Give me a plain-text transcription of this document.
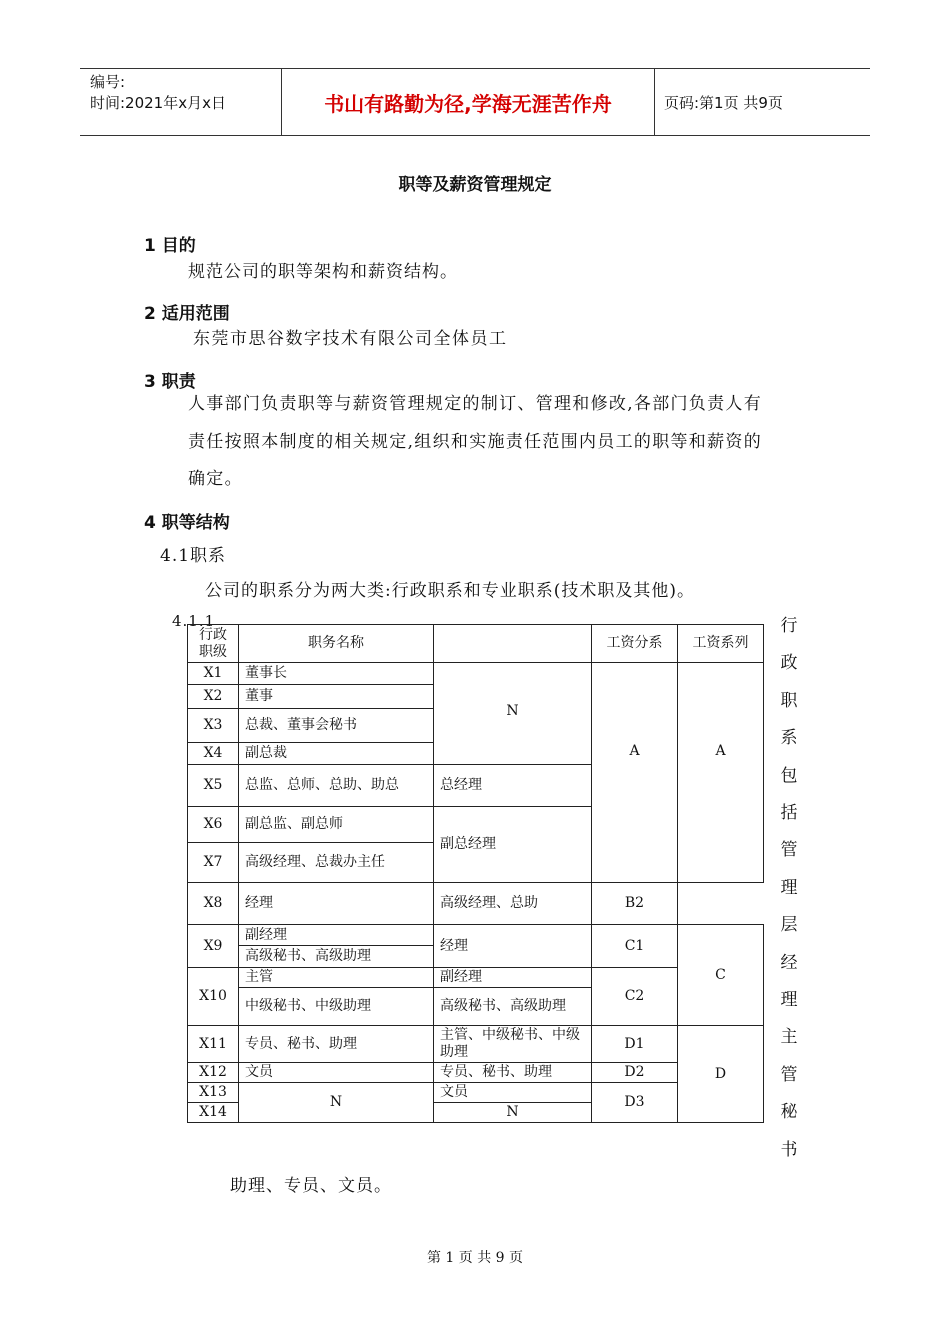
编号:
时间:2021年x月x日	书山有路勤为径,学海无涯苦作舟	页码:第1页 共9页
职等及薪资管理规定
1 目的
规范公司的职等架构和薪资结构。
2 适用范围
东莞市思谷数字技术有限公司全体员工
3 职责
人事部门负责职等与薪资管理规定的制订、管理和修改,各部门负责人有
责任按照本制度的相关规定,组织和实施责任范围内员工的职等和薪资的
确定。
4 职等结构
4.1职系
公司的职系分为两大类:行政职系和专业职系(技术职及其他)。
4.1.1	行
政
职
系
包
括
管
理
层
经
理
主
管
秘
书
行政
职级	职务名称		工资分系	工资系列
X1	董事长	N	A	A
X2	董事			
X3	总裁、董事会秘书			
X4	副总裁			
X5	总监、总师、总助、助总	总经理		
X6	副总监、副总师	副总经理		
X7	高级经理、总裁办主任			
X8	经理	高级经理、总助	B2	
X9	副经理	经理	C1	C
	高级秘书、高级助理			
X10	主管	副经理	C2	
	中级秘书、中级助理	高级秘书、高级助理		
X11	专员、秘书、助理	主管、中级秘书、中级助理	D1	D
X12	文员	专员、秘书、助理	D2	
X13	N	文员	D3	
X14		N		
助理、专员、文员。
第 1 页 共 9 页
